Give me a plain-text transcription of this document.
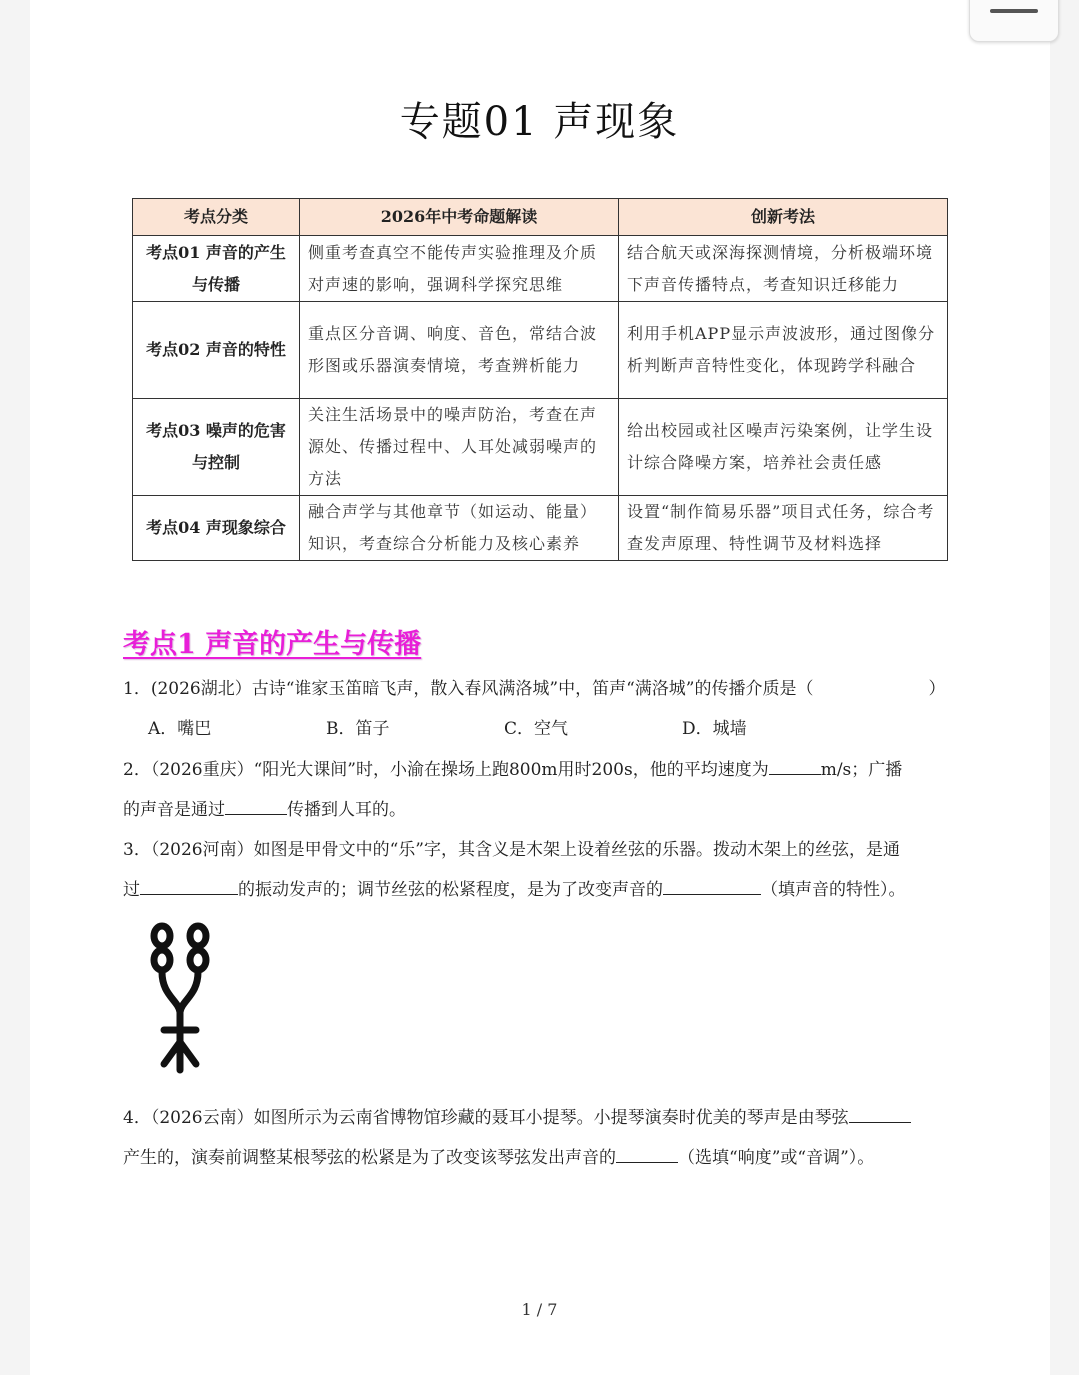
专题01 声现象
考点分类	2026年中考命题解读	创新考法
考点01 声音的产生与传播	侧重考查真空不能传声实验推理及介质对声速的影响，强调科学探究思维	结合航天或深海探测情境，分析极端环境下声音传播特点，考查知识迁移能力
考点02 声音的特性	重点区分音调、响度、音色，常结合波形图或乐器演奏情境，考查辨析能力	利用手机APP显示声波波形，通过图像分析判断声音特性变化，体现跨学科融合
考点03 噪声的危害与控制	关注生活场景中的噪声防治，考查在声源处、传播过程中、人耳处减弱噪声的方法	给出校园或社区噪声污染案例，让学生设计综合降噪方案，培养社会责任感
考点04 声现象综合	融合声学与其他章节（如运动、能量）知识，考查综合分析能力及核心素养	设置“制作简易乐器”项目式任务，综合考查发声原理、特性调节及材料选择
考点1 声音的产生与传播
1．(2026湖北）古诗“谁家玉笛暗飞声，散入春风满洛城”中，笛声“满洛城”的传播介质是（	）
A．嘴巴	B．笛子	C．空气	D．城墙
2．（2026重庆）“阳光大课间”时，小渝在操场上跑800m用时200s，他的平均速度为	m/s；广播
的声音是通过	传播到人耳的。
3．（2026河南）如图是甲骨文中的“乐”字，其含义是木架上设着丝弦的乐器。拨动木架上的丝弦，是通
过	的振动发声的；调节丝弦的松紧程度，是为了改变声音的	（填声音的特性）。
4．（2026云南）如图所示为云南省博物馆珍藏的聂耳小提琴。小提琴演奏时优美的琴声是由琴弦
产生的，演奏前调整某根琴弦的松紧是为了改变该琴弦发出声音的	（选填“响度”或“音调”）。
1 / 7
